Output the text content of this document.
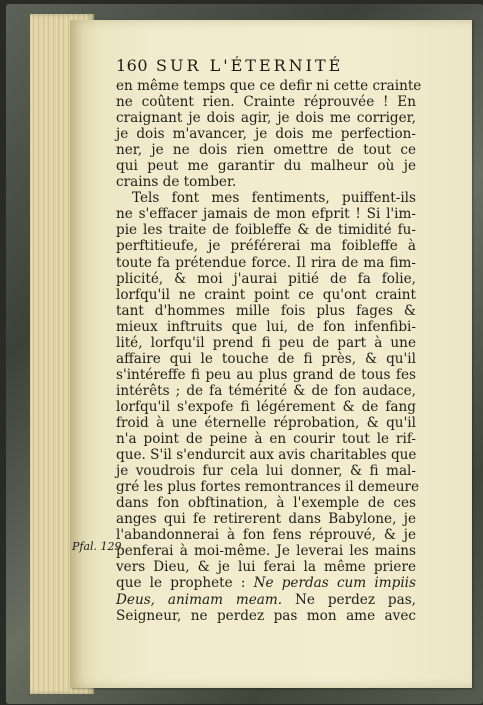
160 SUR L'ÉTERNITÉ
en même temps que ce defir ni cette crainte
ne coûtent rien. Crainte réprouvée ! En
craignant je dois agir, je dois me corriger,
je dois m'avancer, je dois me perfection-
ner, je ne dois rien omettre de tout ce
qui peut me garantir du malheur où je
crains de tomber.
Tels font mes fentiments, puiffent-ils
ne s'effacer jamais de mon efprit ! Si l'im-
pie les traite de foibleffe & de timidité fu-
perftitieufe, je préférerai ma foibleffe à
toute fa prétendue force. Il rira de ma fim-
plicité, & moi j'aurai pitié de fa folie,
lorfqu'il ne craint point ce qu'ont craint
tant d'hommes mille fois plus fages &
mieux inftruits que lui, de fon infenfibi-
lité, lorfqu'il prend fi peu de part à une
affaire qui le touche de fi près, & qu'il
s'intéreffe fi peu au plus grand de tous fes
intérêts ; de fa témérité & de fon audace,
lorfqu'il s'expofe fi légérement & de fang
froid à une éternelle réprobation, & qu'il
n'a point de peine à en courir tout le rif-
que. S'il s'endurcit aux avis charitables que
je voudrois fur cela lui donner, & fi mal-
gré les plus fortes remontrances il demeure
dans fon obftination, à l'exemple de ces
anges qui fe retirerent dans Babylone, je
l'abandonnerai à fon fens réprouvé, & je
penferai à moi-même. Je leverai les mains
vers Dieu, & je lui ferai la même priere
que le prophete : Ne perdas cum impiis
Deus, animam meam. Ne perdez pas,
Seigneur, ne perdez pas mon ame avec
Pfal. 129.
